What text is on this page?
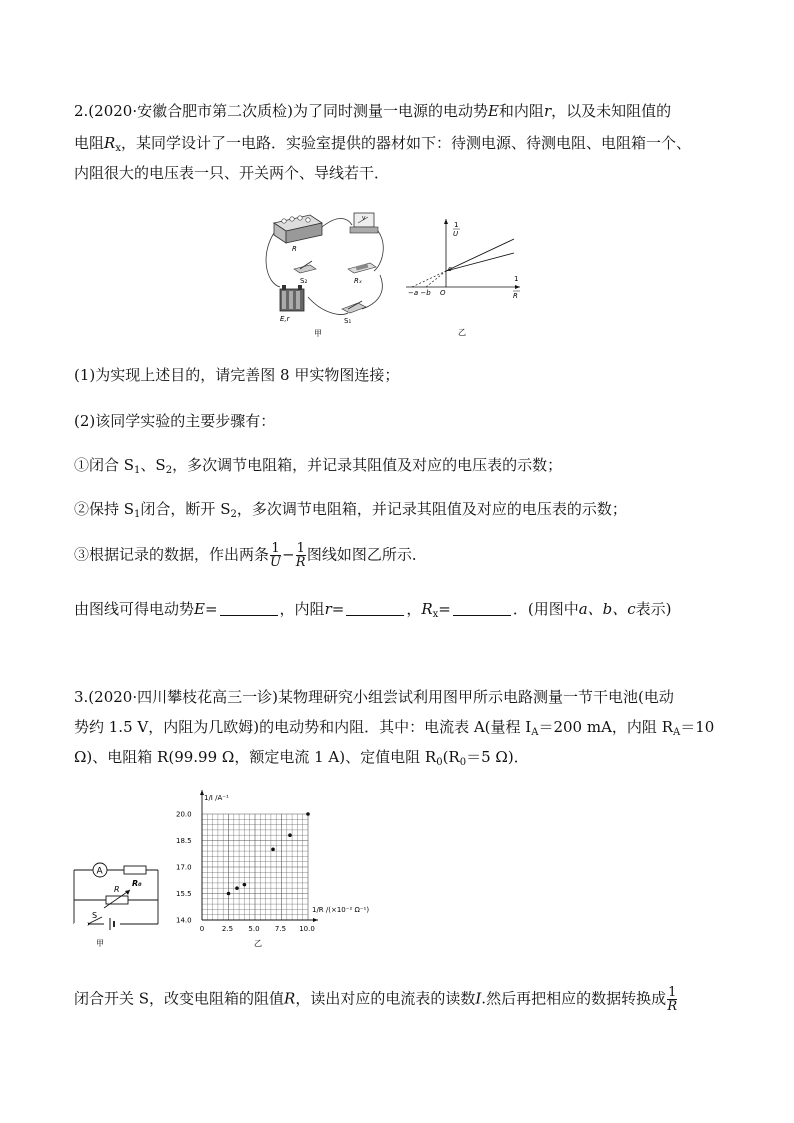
2.(2020·安徽合肥市第二次质检)为了同时测量一电源的电动势E和内阻r，以及未知阻值的
电阻$R_x$，某同学设计了一电路．实验室提供的器材如下：待测电源、待测电阻、电阻箱一个、
内阻很大的电压表一只、开关两个、导线若干．
R
V
S₂	Rₓ
E,r	S₁
甲
1
U
1
R
c
−a −b O
乙
(1)为实现上述目的，请完善图 8 甲实物图连接；
(2)该同学实验的主要步骤有：
①闭合 $S_1$、$S_2$，多次调节电阻箱，并记录其阻值及对应的电压表的示数；
②保持 $S_1$闭合，断开 $S_2$，多次调节电阻箱，并记录其阻值及对应的电压表的示数；
③根据记录的数据，作出两条 $\frac{1}{U} - \frac{1}{R}$ 图线如图乙所示．
由图线可得电动势E=	，内阻r=	，$R_x=$	．(用图中a、b、c表示)
3.(2020·四川攀枝花高三一诊)某物理研究小组尝试利用图甲所示电路测量一节干电池(电动
势约 1.5 V，内阻为几欧姆)的电动势和内阻．其中：电流表 A(量程 $I_A=200$ mA，内阻 $R_A=10$
Ω)、电阻箱 R(99.99 Ω，额定电流 1 A)、定值电阻 $R_0(R_0=5$ Ω)．
A
R₀
R
S
甲
0	2.5 5.0 7.5 10.0
14.0
15.5
17.0
18.5
20.0
1/I /A⁻¹
1/R /(×10⁻² Ω⁻¹)
乙
闭合开关 S，改变电阻箱的阻值R，读出对应的电流表的读数I.然后再把相应的数据转换成 $\frac{1}{R}$
